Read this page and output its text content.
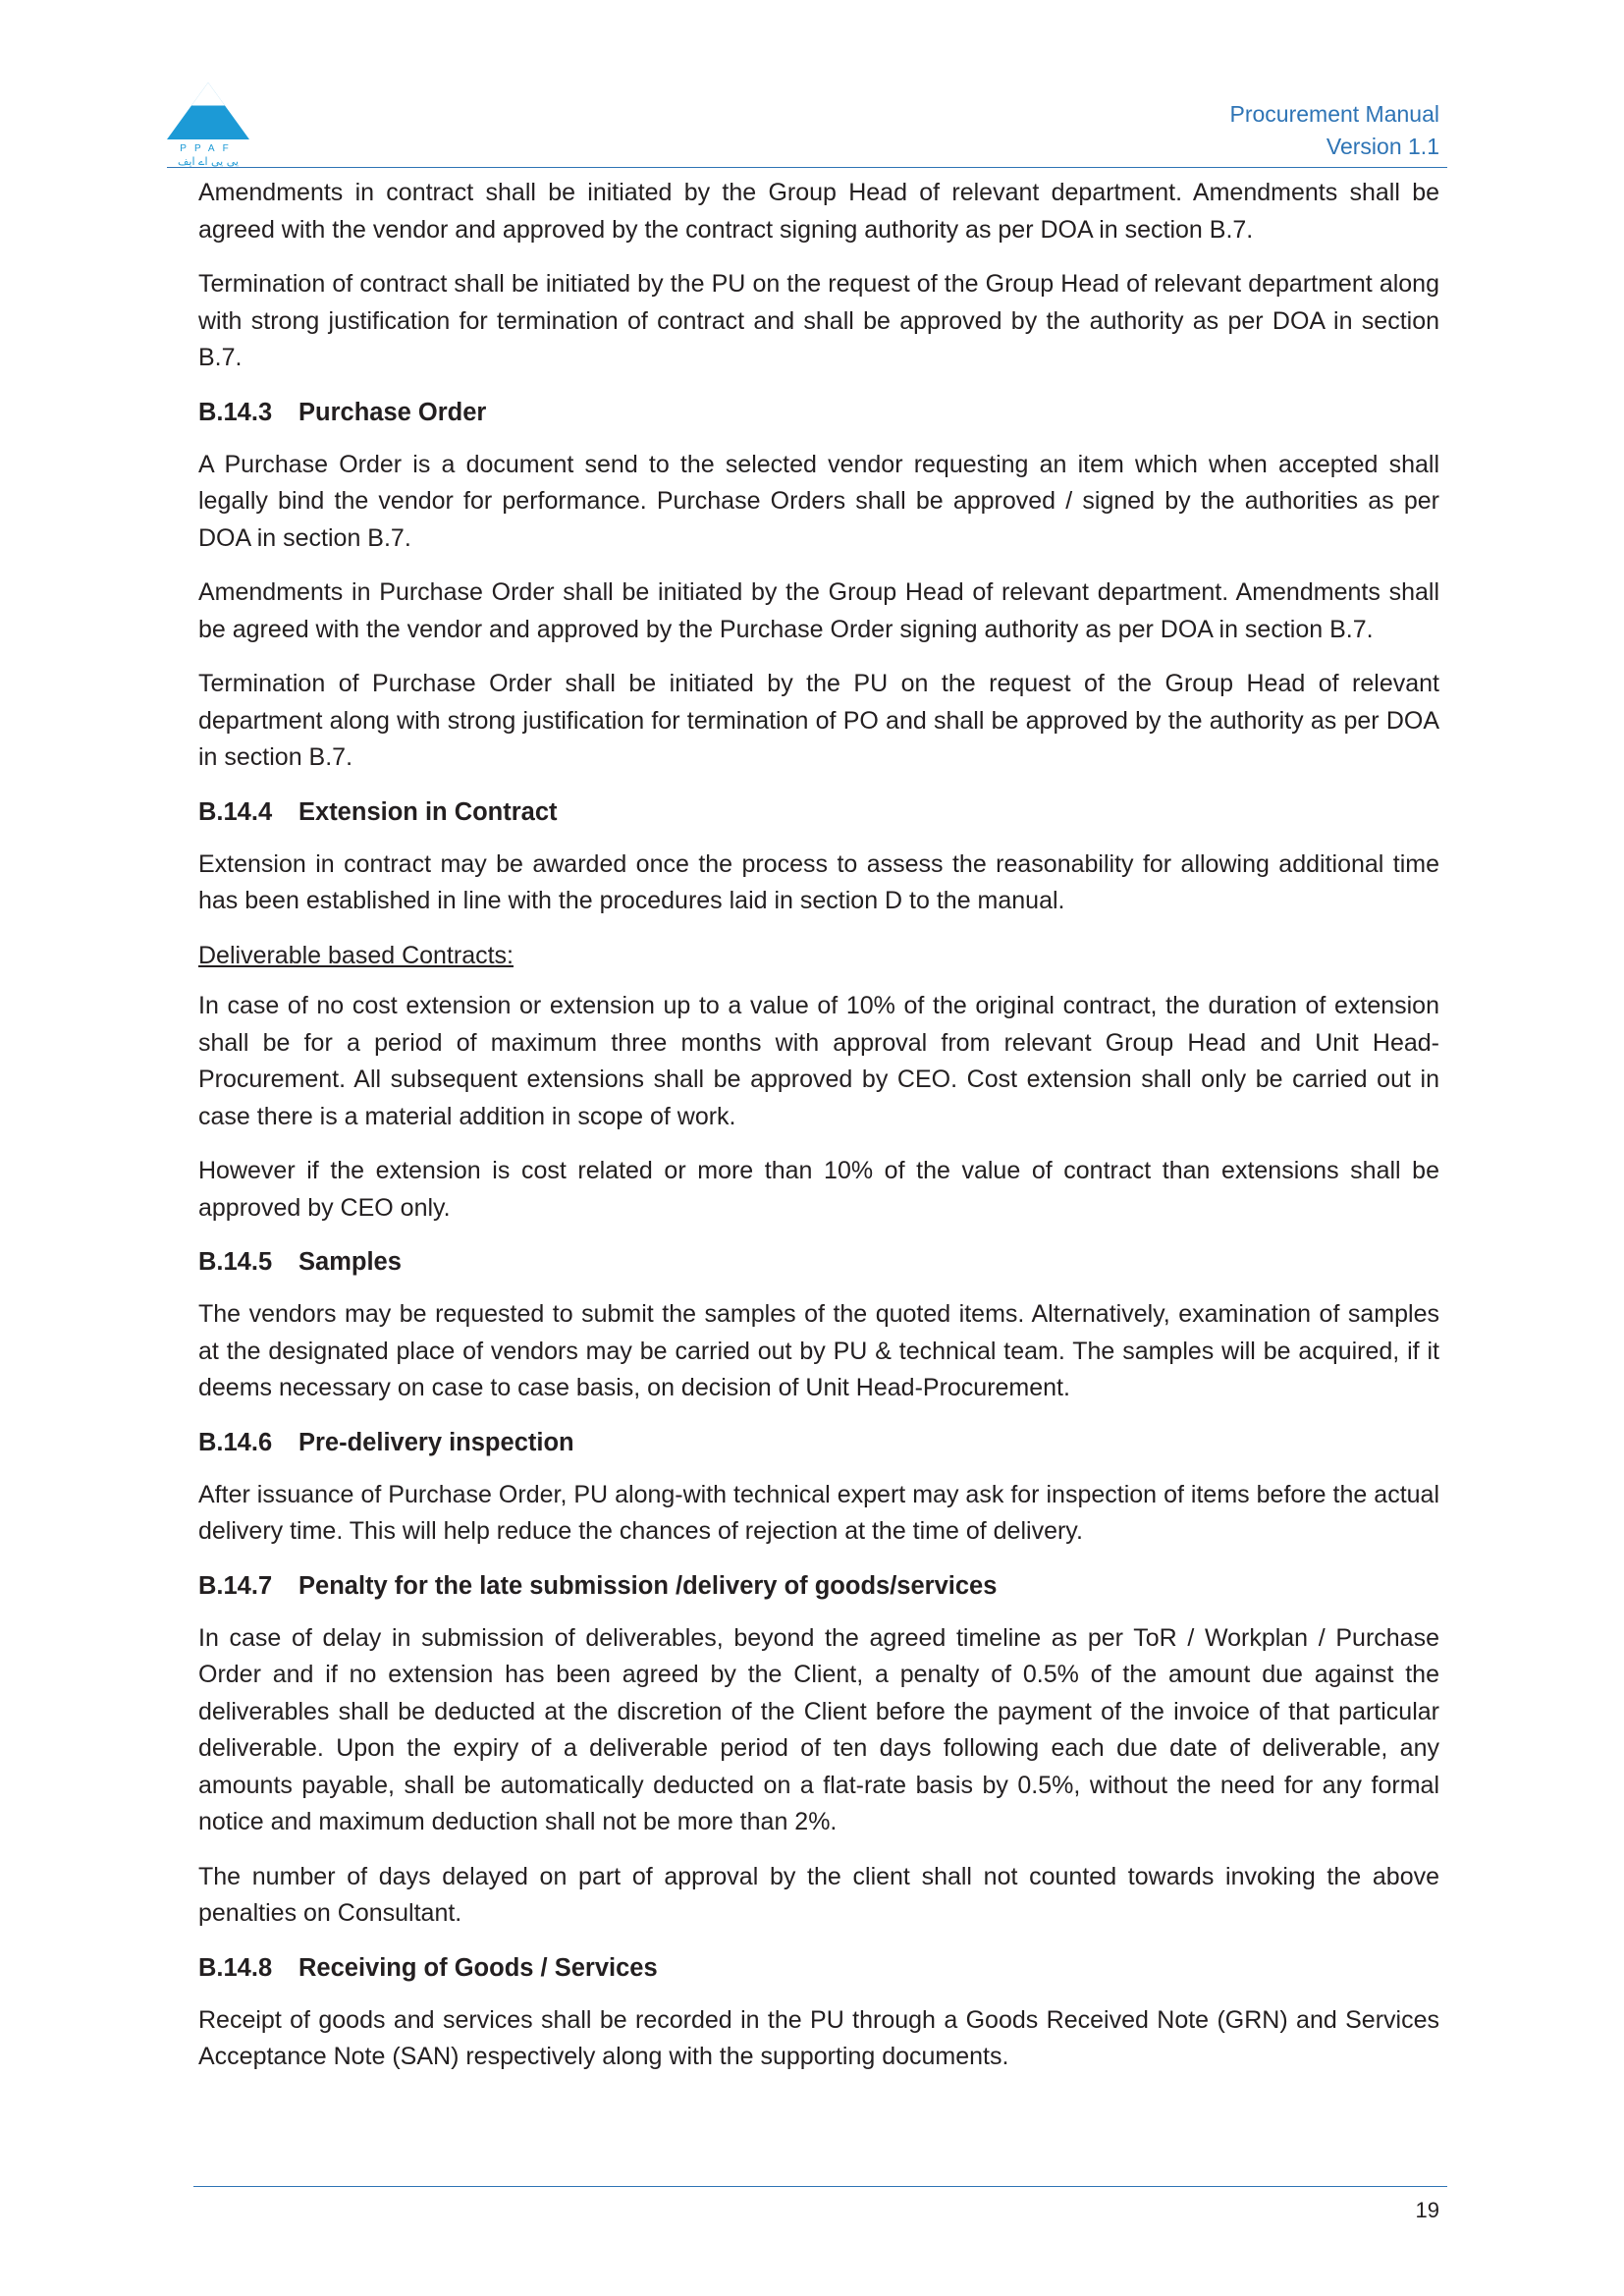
PPAF
پی پی اے ایف
Procurement Manual
Version 1.1

Amendments in contract shall be initiated by the Group Head of relevant department. Amendments shall be agreed with the vendor and approved by the contract signing authority as per DOA in section B.7.

Termination of contract shall be initiated by the PU on the request of the Group Head of relevant department along with strong justification for termination of contract and shall be approved by the authority as per DOA in section B.7.

B.14.3 Purchase Order

A Purchase Order is a document send to the selected vendor requesting an item which when accepted shall legally bind the vendor for performance. Purchase Orders shall be approved / signed by the authorities as per DOA in section B.7.

Amendments in Purchase Order shall be initiated by the Group Head of relevant department. Amendments shall be agreed with the vendor and approved by the Purchase Order signing authority as per DOA in section B.7.

Termination of Purchase Order shall be initiated by the PU on the request of the Group Head of relevant department along with strong justification for termination of PO and shall be approved by the authority as per DOA in section B.7.

B.14.4 Extension in Contract

Extension in contract may be awarded once the process to assess the reasonability for allowing additional time has been established in line with the procedures laid in section D to the manual.

Deliverable based Contracts:

In case of no cost extension or extension up to a value of 10% of the original contract, the duration of extension shall be for a period of maximum three months with approval from relevant Group Head and Unit Head-Procurement. All subsequent extensions shall be approved by CEO. Cost extension shall only be carried out in case there is a material addition in scope of work.

However if the extension is cost related or more than 10% of the value of contract than extensions shall be approved by CEO only.

B.14.5 Samples

The vendors may be requested to submit the samples of the quoted items. Alternatively, examination of samples at the designated place of vendors may be carried out by PU & technical team. The samples will be acquired, if it deems necessary on case to case basis, on decision of Unit Head-Procurement.

B.14.6 Pre-delivery inspection

After issuance of Purchase Order, PU along-with technical expert may ask for inspection of items before the actual delivery time. This will help reduce the chances of rejection at the time of delivery.

B.14.7 Penalty for the late submission /delivery of goods/services

In case of delay in submission of deliverables, beyond the agreed timeline as per ToR / Workplan / Purchase Order and if no extension has been agreed by the Client, a penalty of 0.5% of the amount due against the deliverables shall be deducted at the discretion of the Client before the payment of the invoice of that particular deliverable. Upon the expiry of a deliverable period of ten days following each due date of deliverable, any amounts payable, shall be automatically deducted on a flat-rate basis by 0.5%, without the need for any formal notice and maximum deduction shall not be more than 2%.

The number of days delayed on part of approval by the client shall not counted towards invoking the above penalties on Consultant.

B.14.8 Receiving of Goods / Services

Receipt of goods and services shall be recorded in the PU through a Goods Received Note (GRN) and Services Acceptance Note (SAN) respectively along with the supporting documents.

19
